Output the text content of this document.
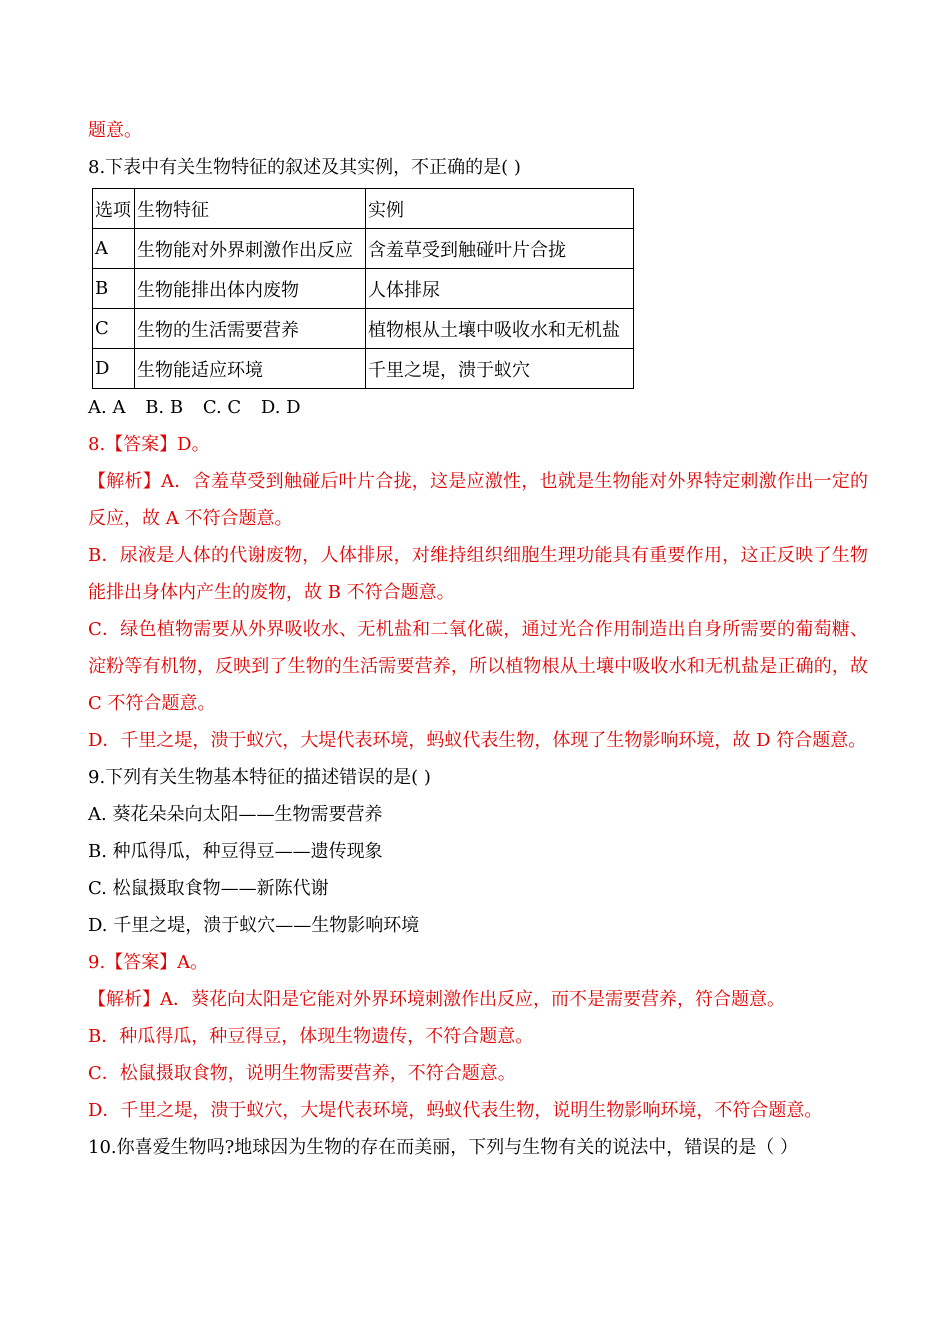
题意。
8.下表中有关生物特征的叙述及其实例，不正确的是( )
选项	生物特征	实例
A	生物能对外界刺激作出反应	含羞草受到触碰叶片合拢
B	生物能排出体内废物	人体排尿
C	生物的生活需要营养	植物根从土壤中吸收水和无机盐
D	生物能适应环境	千里之堤，溃于蚁穴
A. A B. B C. C D. D
8.【答案】D。
【解析】A．含羞草受到触碰后叶片合拢，这是应激性，也就是生物能对外界特定刺激作出一定的反应，故 A 不符合题意。
B．尿液是人体的代谢废物，人体排尿，对维持组织细胞生理功能具有重要作用，这正反映了生物能排出身体内产生的废物，故 B 不符合题意。
C．绿色植物需要从外界吸收水、无机盐和二氧化碳，通过光合作用制造出自身所需要的葡萄糖、淀粉等有机物，反映到了生物的生活需要营养，所以植物根从土壤中吸收水和无机盐是正确的，故 C 不符合题意。
D．千里之堤，溃于蚁穴，大堤代表环境，蚂蚁代表生物，体现了生物影响环境，故 D 符合题意。
9.下列有关生物基本特征的描述错误的是( )
A. 葵花朵朵向太阳——生物需要营养
B. 种瓜得瓜，种豆得豆——遗传现象
C. 松鼠摄取食物——新陈代谢
D. 千里之堤，溃于蚁穴——生物影响环境
9.【答案】A。
【解析】A．葵花向太阳是它能对外界环境刺激作出反应，而不是需要营养，符合题意。
B．种瓜得瓜，种豆得豆，体现生物遗传，不符合题意。
C．松鼠摄取食物，说明生物需要营养，不符合题意。
D．千里之堤，溃于蚁穴，大堤代表环境，蚂蚁代表生物，说明生物影响环境，不符合题意。
10.你喜爱生物吗?地球因为生物的存在而美丽，下列与生物有关的说法中，错误的是（ ）
